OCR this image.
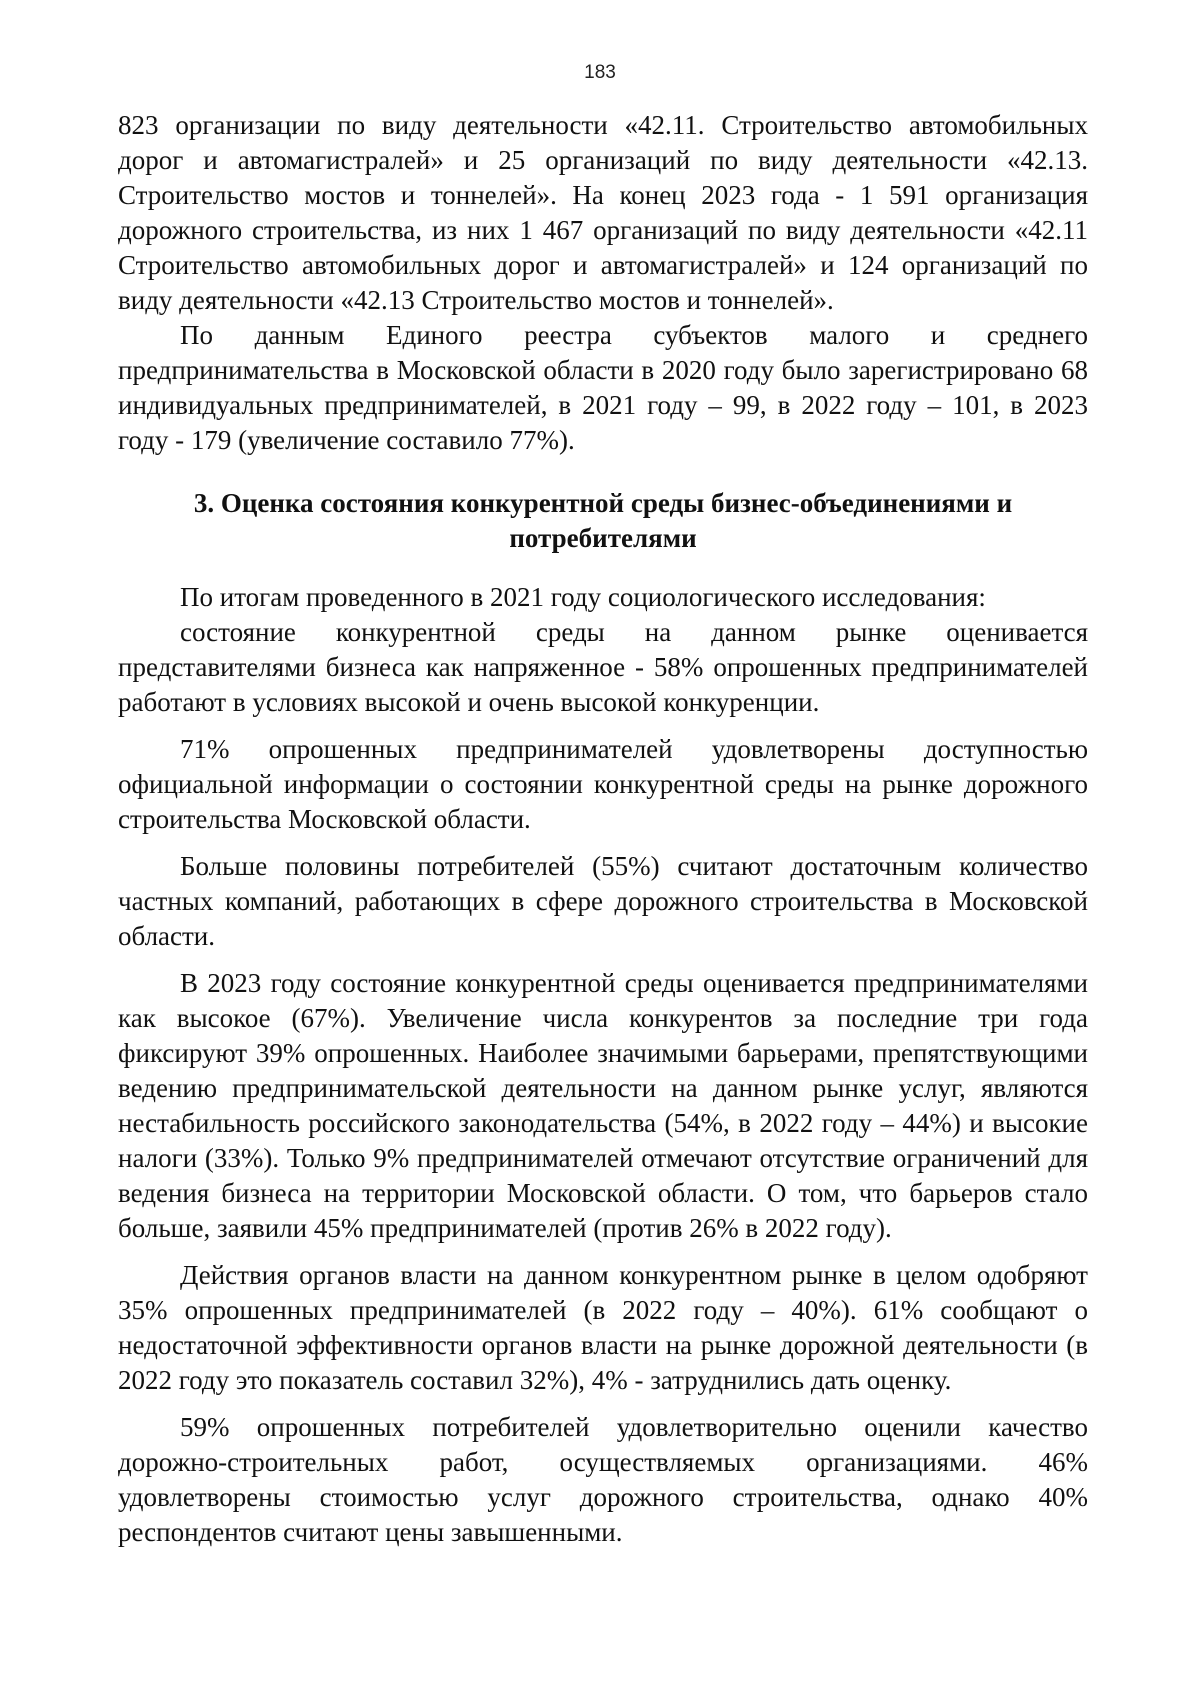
183

823 организации по виду деятельности «42.11. Строительство автомобильных дорог и автомагистралей» и 25 организаций по виду деятельности «42.13. Строительство мостов и тоннелей». На конец 2023 года - 1 591 организация дорожного строительства, из них 1 467 организаций по виду деятельности «42.11 Строительство автомобильных дорог и автомагистралей» и 124 организаций по виду деятельности «42.13 Строительство мостов и тоннелей».

По данным Единого реестра субъектов малого и среднего предпринимательства в Московской области в 2020 году было зарегистрировано 68 индивидуальных предпринимателей, в 2021 году – 99, в 2022 году – 101, в 2023 году - 179 (увеличение составило 77%).

3. Оценка состояния конкурентной среды бизнес-объединениями и потребителями

По итогам проведенного в 2021 году социологического исследования:

состояние конкурентной среды на данном рынке оценивается представителями бизнеса как напряженное - 58% опрошенных предпринимателей работают в условиях высокой и очень высокой конкуренции.

71% опрошенных предпринимателей удовлетворены доступностью официальной информации о состоянии конкурентной среды на рынке дорожного строительства Московской области.

Больше половины потребителей (55%) считают достаточным количество частных компаний, работающих в сфере дорожного строительства в Московской области.

В 2023 году состояние конкурентной среды оценивается предпринимателями как высокое (67%). Увеличение числа конкурентов за последние три года фиксируют 39% опрошенных. Наиболее значимыми барьерами, препятствующими ведению предпринимательской деятельности на данном рынке услуг, являются нестабильность российского законодательства (54%, в 2022 году – 44%) и высокие налоги (33%). Только 9% предпринимателей отмечают отсутствие ограничений для ведения бизнеса на территории Московской области. О том, что барьеров стало больше, заявили 45% предпринимателей (против 26% в 2022 году).

Действия органов власти на данном конкурентном рынке в целом одобряют 35% опрошенных предпринимателей (в 2022 году – 40%). 61% сообщают о недостаточной эффективности органов власти на рынке дорожной деятельности (в 2022 году это показатель составил 32%), 4% - затруднились дать оценку.

59% опрошенных потребителей удовлетворительно оценили качество дорожно-строительных работ, осуществляемых организациями. 46% удовлетворены стоимостью услуг дорожного строительства, однако 40% респондентов считают цены завышенными.
